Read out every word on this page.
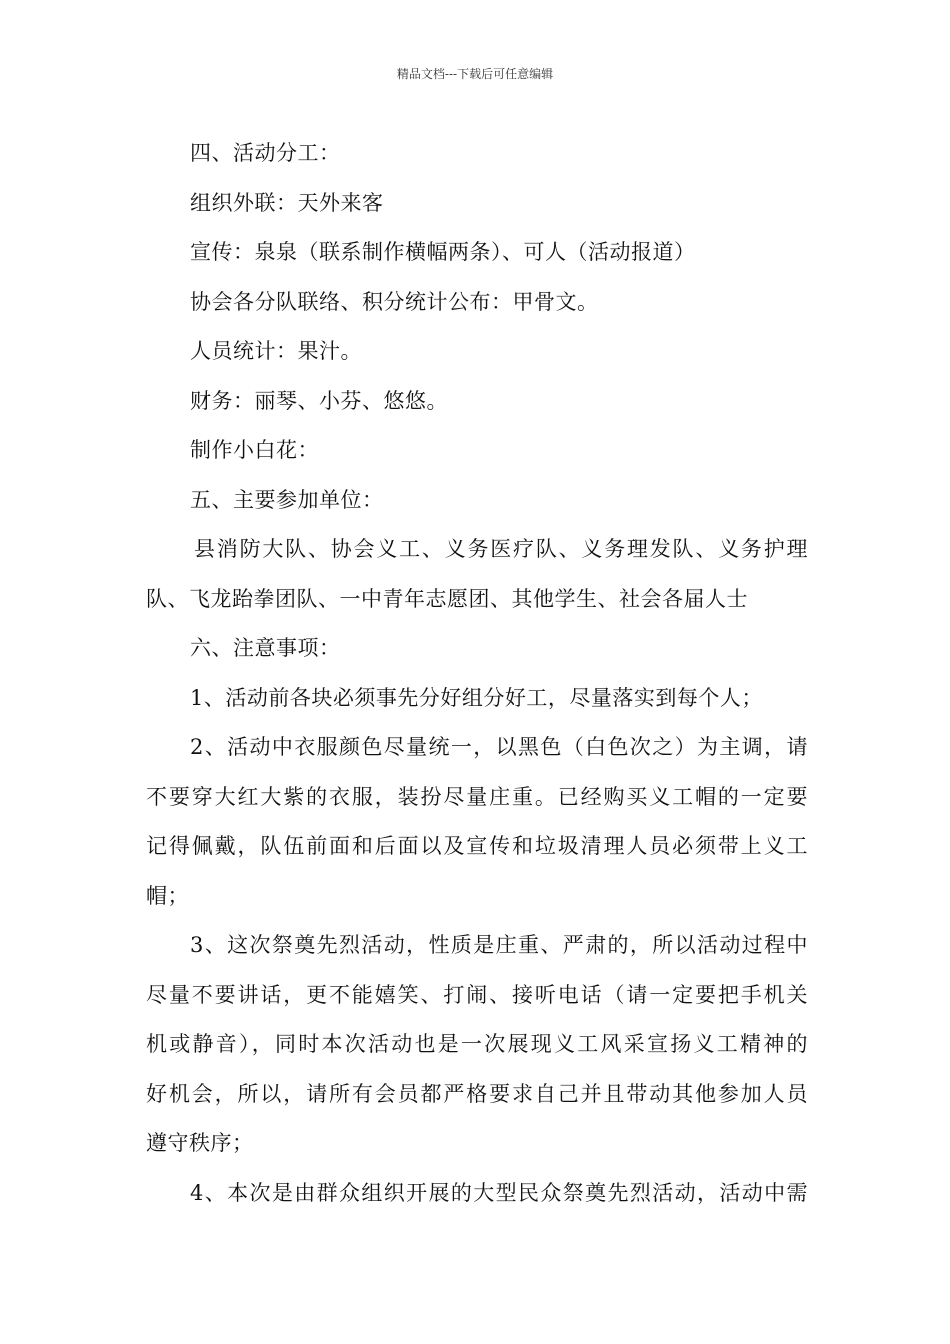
精品文档---下载后可任意编辑
四、活动分工：
组织外联：天外来客
宣传：泉泉（联系制作横幅两条）、可人（活动报道）
协会各分队联络、积分统计公布：甲骨文。
人员统计：果汁。
财务：丽琴、小芬、悠悠。
制作小白花：
五、主要参加单位：
县消防大队、协会义工、义务医疗队、义务理发队、义务护理
队、飞龙跆拳团队、一中青年志愿团、其他学生、社会各届人士
六、注意事项：
1、活动前各块必须事先分好组分好工，尽量落实到每个人；
2、活动中衣服颜色尽量统一，以黑色（白色次之）为主调，请
不要穿大红大紫的衣服，装扮尽量庄重。已经购买义工帽的一定要
记得佩戴，队伍前面和后面以及宣传和垃圾清理人员必须带上义工
帽；
3、这次祭奠先烈活动，性质是庄重、严肃的，所以活动过程中
尽量不要讲话，更不能嬉笑、打闹、接听电话（请一定要把手机关
机或静音），同时本次活动也是一次展现义工风采宣扬义工精神的
好机会，所以，请所有会员都严格要求自己并且带动其他参加人员
遵守秩序；
4、本次是由群众组织开展的大型民众祭奠先烈活动，活动中需
